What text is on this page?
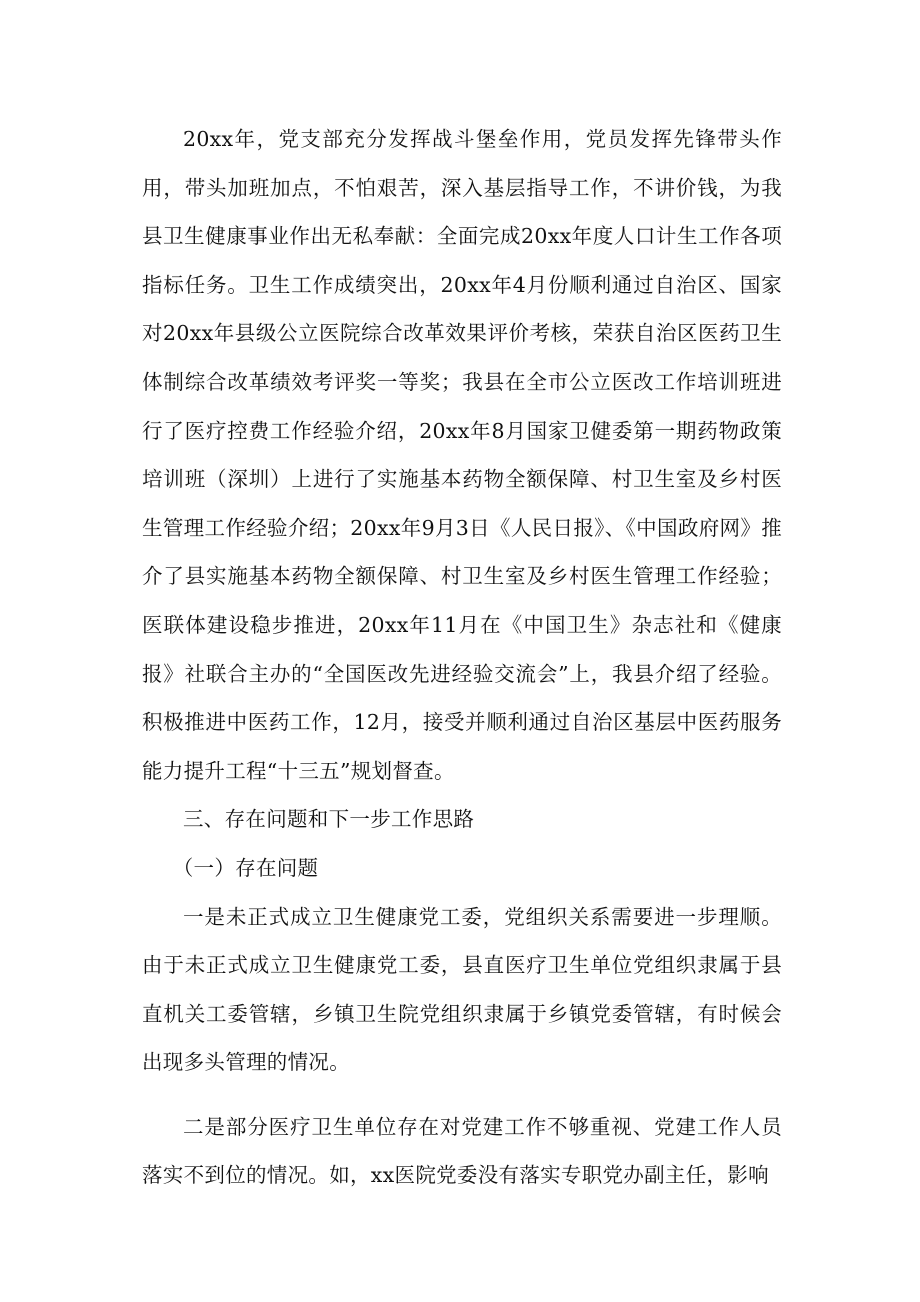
20xx年，党支部充分发挥战斗堡垒作用，党员发挥先锋带头作用，带头加班加点，不怕艰苦，深入基层指导工作，不讲价钱，为我县卫生健康事业作出无私奉献：全面完成20xx年度人口计生工作各项指标任务。卫生工作成绩突出，20xx年4月份顺利通过自治区、国家对20xx年县级公立医院综合改革效果评价考核，荣获自治区医药卫生体制综合改革绩效考评奖一等奖；我县在全市公立医改工作培训班进行了医疗控费工作经验介绍，20xx年8月国家卫健委第一期药物政策培训班（深圳）上进行了实施基本药物全额保障、村卫生室及乡村医生管理工作经验介绍；20xx年9月3日《人民日报》、《中国政府网》推介了县实施基本药物全额保障、村卫生室及乡村医生管理工作经验；医联体建设稳步推进，20xx年11月在《中国卫生》杂志社和《健康报》社联合主办的“全国医改先进经验交流会”上，我县介绍了经验。积极推进中医药工作，12月，接受并顺利通过自治区基层中医药服务能力提升工程“十三五”规划督查。

三、存在问题和下一步工作思路

（一）存在问题

一是未正式成立卫生健康党工委，党组织关系需要进一步理顺。由于未正式成立卫生健康党工委，县直医疗卫生单位党组织隶属于县直机关工委管辖，乡镇卫生院党组织隶属于乡镇党委管辖，有时候会出现多头管理的情况。

二是部分医疗卫生单位存在对党建工作不够重视、党建工作人员落实不到位的情况。如，xx医院党委没有落实专职党办副主任，影响
